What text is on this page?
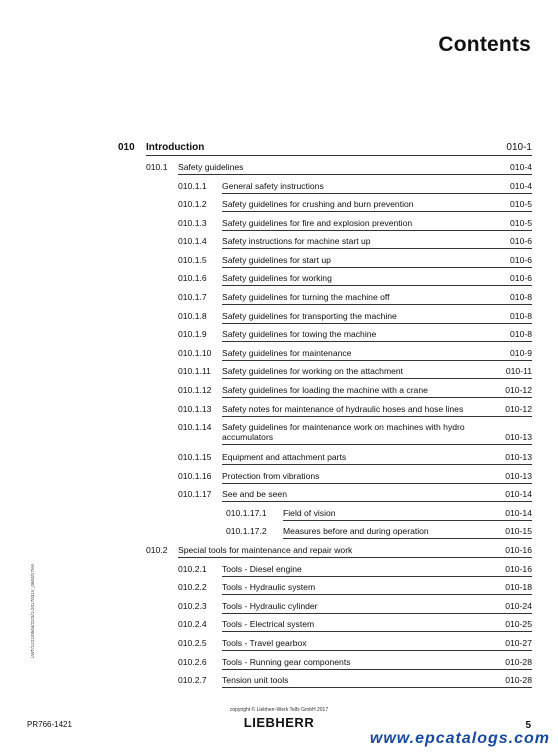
Contents
010 Introduction	010-1
010.1 Safety guidelines	010-4
010.1.1 General safety instructions	010-4
010.1.2 Safety guidelines for crushing and burn prevention	010-5
010.1.3 Safety guidelines for fire and explosion prevention	010-5
010.1.4 Safety instructions for machine start up	010-6
010.1.5 Safety guidelines for start up	010-6
010.1.6 Safety guidelines for working	010-6
010.1.7 Safety guidelines for turning the machine off	010-8
010.1.8 Safety guidelines for transporting the machine	010-8
010.1.9 Safety guidelines for towing the machine	010-8
010.1.10 Safety guidelines for maintenance	010-9
010.1.11 Safety guidelines for working on the attachment	010-11
010.1.12 Safety guidelines for loading the machine with a crane	010-12
010.1.13 Safety notes for maintenance of hydraulic hoses and hose lines	010-12
010.1.14 Safety guidelines for maintenance work on machines with hydro accumulators	010-13
010.1.15 Equipment and attachment parts	010-13
010.1.16 Protection from vibrations	010-13
010.1.17 See and be seen	010-14
010.1.17.1 Field of vision	010-14
010.1.17.2 Measures before and during operation	010-15
010.2 Special tools for maintenance and repair work	010-16
010.2.1 Tools - Diesel engine	010-16
010.2.2 Tools - Hydraulic system	010-18
010.2.3 Tools - Hydraulic cylinder	010-24
010.2.4 Tools - Electrical system	010-25
010.2.5 Tools - Travel gearbox	010-27
010.2.6 Tools - Running gear components	010-28
010.2.7 Tension unit tools	010-28
LWT/1221/0504/22/3/1-2017031V_0604/27/en
copyright © Liebherr-Werk Telfs GmbH 2017
LIEBHERR
PR766-1421	5
www.epcatalogs.com
